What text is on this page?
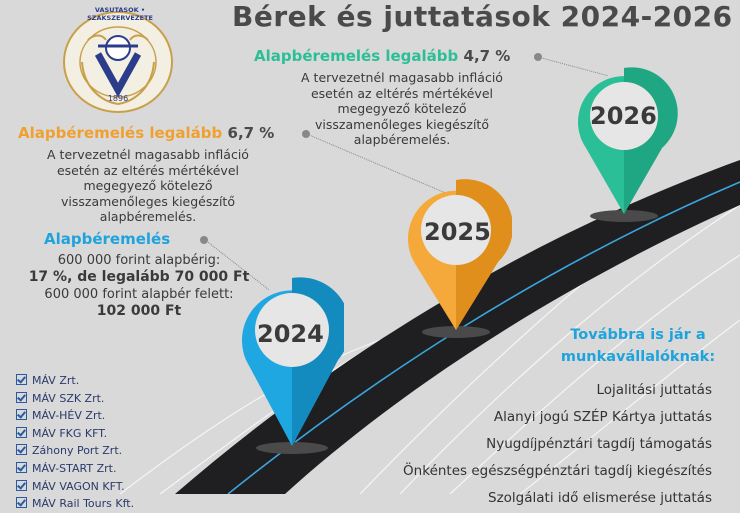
VASUTASOK • SZAKSZERVEZETE
1896
Bérek és juttatások 2024-2026
Alapbéremelés legalább 4,7 %
A tervezetnél magasabb infláció
esetén az eltérés mértékével
megegyező kötelező
visszamenőleges kiegészítő
alapbéremelés.
Alapbéremelés legalább 6,7 %
A tervezetnél magasabb infláció
esetén az eltérés mértékével
megegyező kötelező
visszamenőleges kiegészítő
alapbéremelés.
Alapbéremelés
600 000 forint alapbérig:
17 %, de legalább 70 000 Ft
600 000 forint alapbér felett:
102 000 Ft
2026
2025
2024
MÁV Zrt.
MÁV SZK Zrt.
MÁV-HÉV Zrt.
MÁV FKG KFT.
Záhony Port Zrt.
MÁV-START Zrt.
MÁV VAGON KFT.
MÁV Rail Tours Kft.
Továbbra is jár a
munkavállalóknak:
Lojalitási juttatás
Alanyi jogú SZÉP Kártya juttatás
Nyugdíjpénztári tagdíj támogatás
Önkéntes egészségpénztári tagdíj kiegészítés
Szolgálati idő elismerése juttatás
